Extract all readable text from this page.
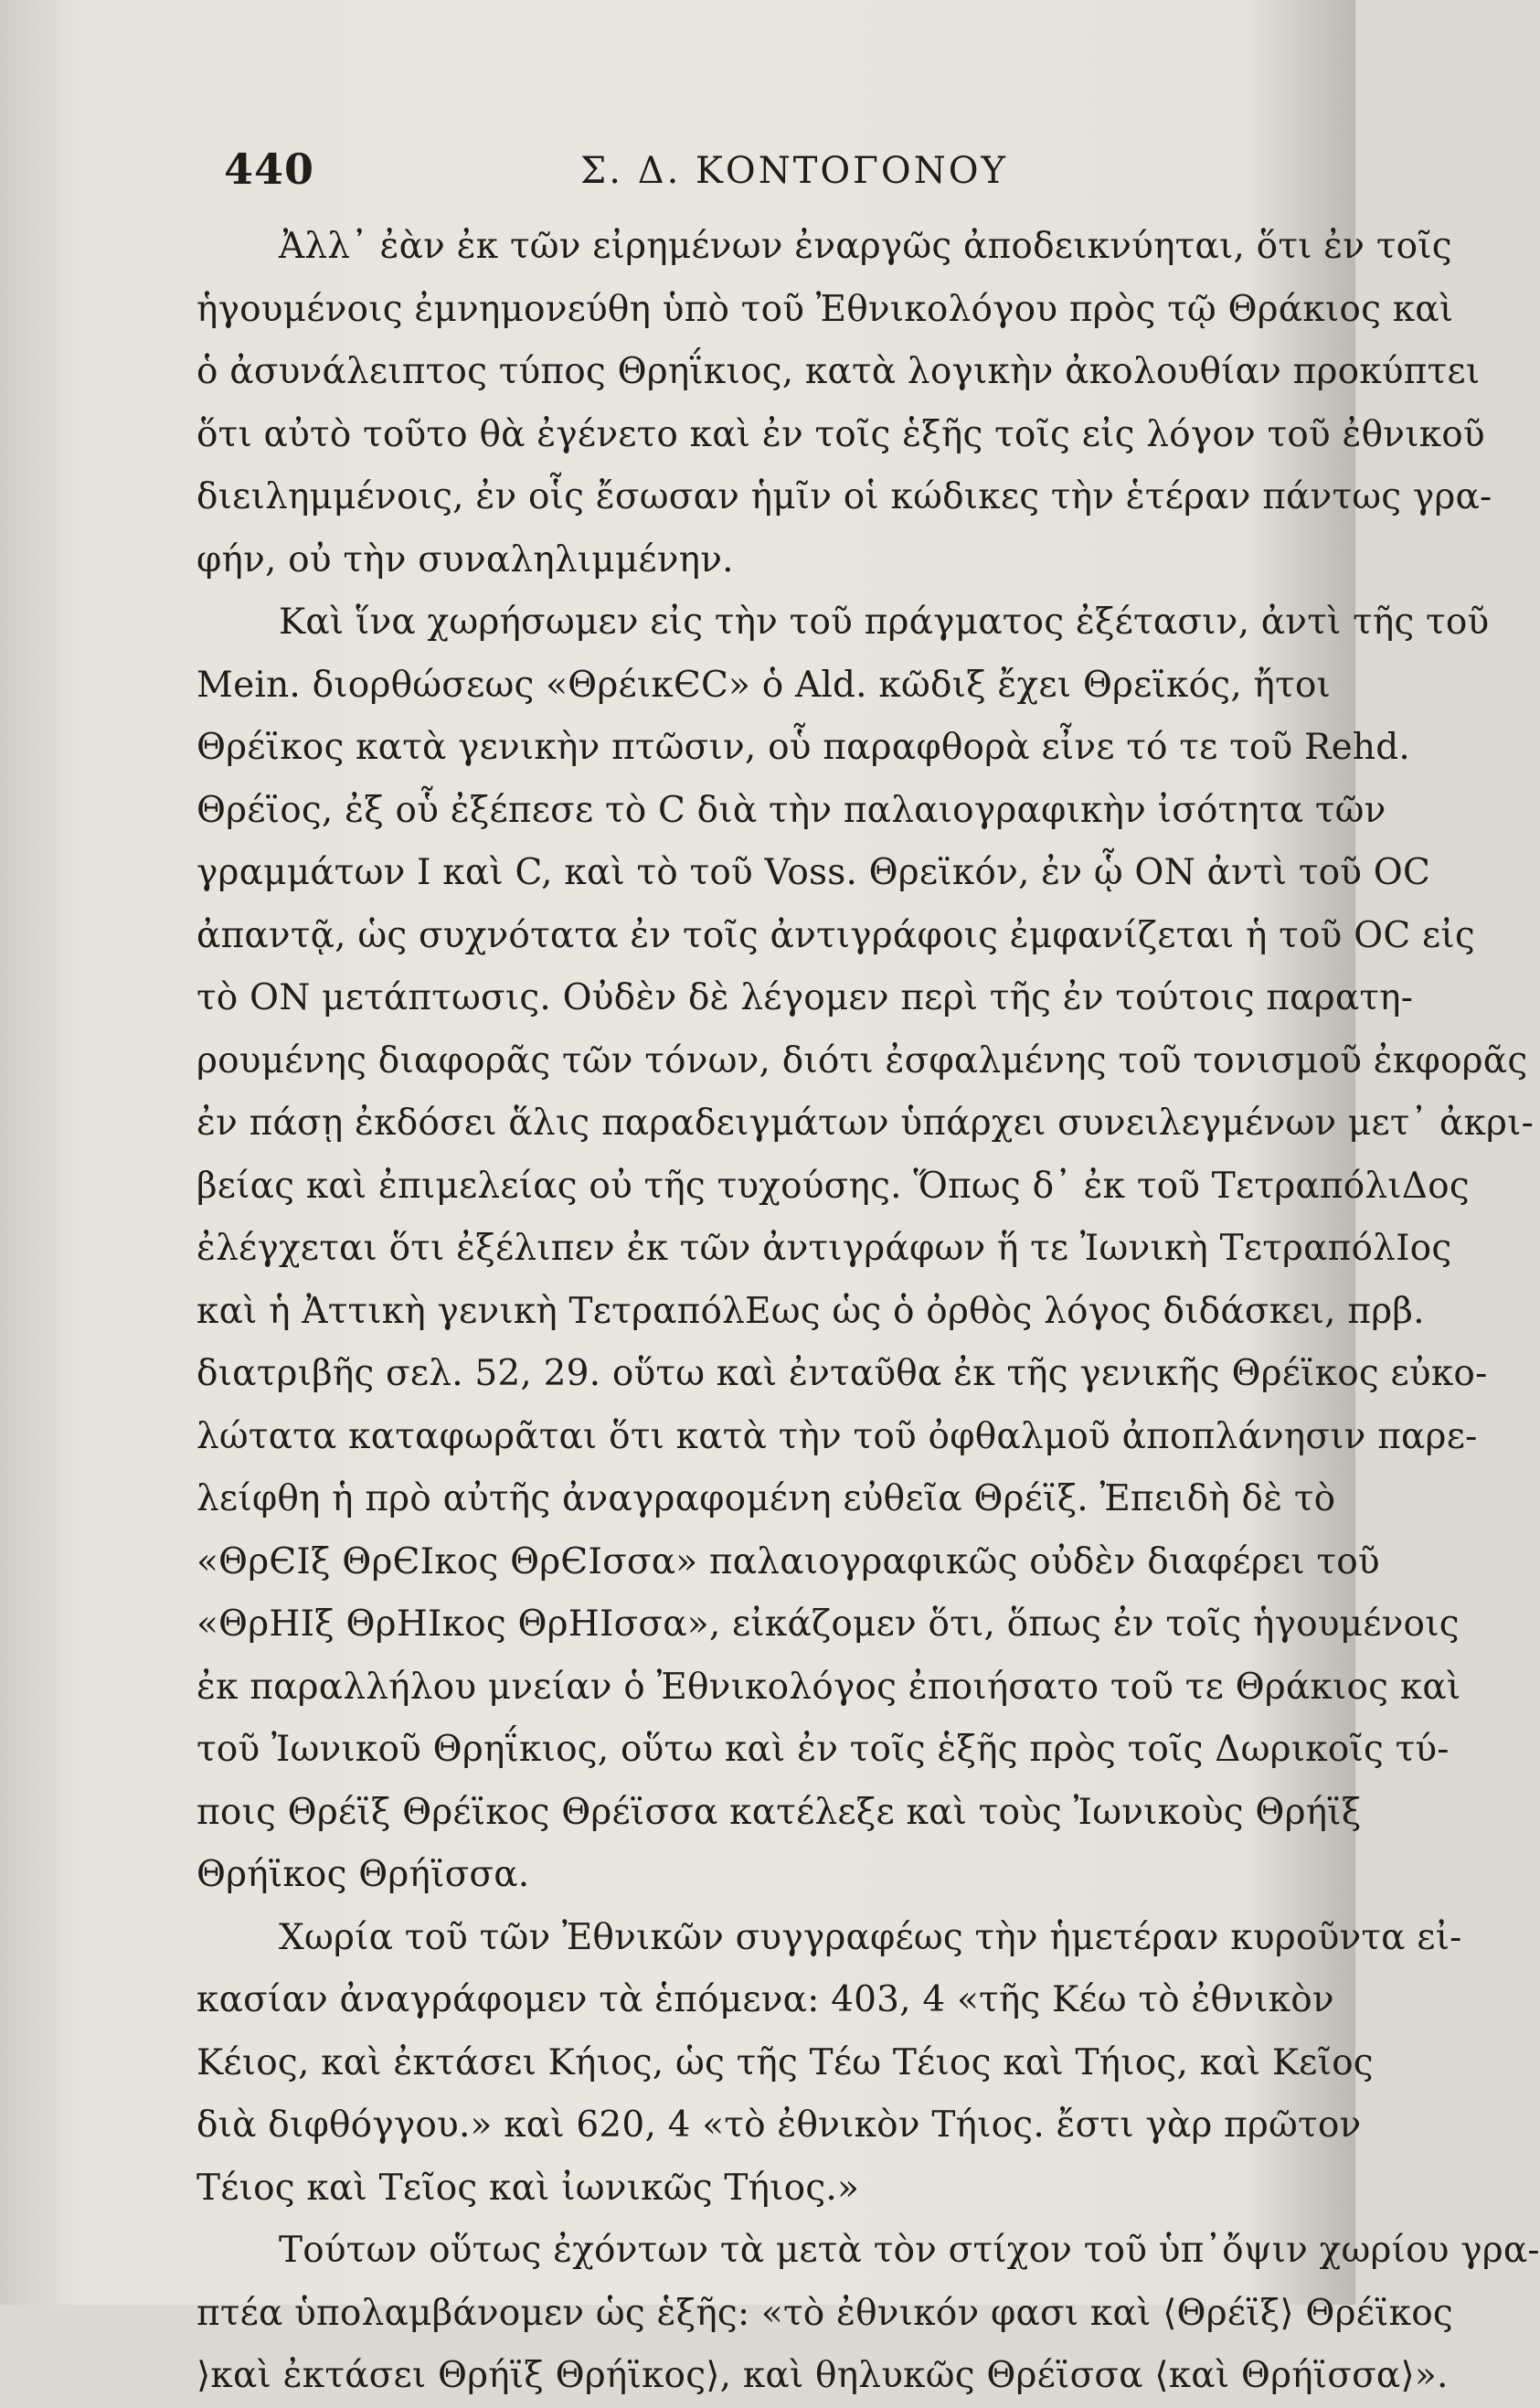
440	Σ. Δ. ΚΟΝΤΟΓΟΝΟΥ
Ἀλλ᾽ ἐὰν ἐκ τῶν εἰρημένων ἐναργῶς ἀποδεικνύηται, ὅτι ἐν τοῖς
ἡγουμένοις ἐμνημονεύθη ὑπὸ τοῦ Ἐθνικολόγου πρὸς τῷ Θράκιος καὶ
ὁ ἀσυνάλειπτος τύπος Θρηΐκιος, κατὰ λογικὴν ἀκολουθίαν προκύπτει
ὅτι αὐτὸ τοῦτο θὰ ἐγένετο καὶ ἐν τοῖς ἑξῆς τοῖς εἰς λόγον τοῦ ἐθνικοῦ
διειλημμένοις, ἐν οἷς ἔσωσαν ἡμῖν οἱ κώδικες τὴν ἑτέραν πάντως γρα-
φήν, οὐ τὴν συναληλιμμένην.
Καὶ ἵνα χωρήσωμεν εἰς τὴν τοῦ πράγματος ἐξέτασιν, ἀντὶ τῆς τοῦ
Mein. διορθώσεως «ΘρέικЄС» ὁ Ald. κῶδιξ ἔχει Θρεϊκός, ἤτοι
Θρέϊκος κατὰ γενικὴν πτῶσιν, οὗ παραφθορὰ εἶνε τό τε τοῦ Rehd.
Θρέϊος, ἐξ οὗ ἐξέπεσε τὸ C διὰ τὴν παλαιογραφικὴν ἰσότητα τῶν
γραμμάτων I καὶ C, καὶ τὸ τοῦ Voss. Θρεϊκόν, ἐν ᾧ ΟΝ ἀντὶ τοῦ ΟC
ἀπαντᾷ, ὡς συχνότατα ἐν τοῖς ἀντιγράφοις ἐμφανίζεται ἡ τοῦ ΟC εἰς
τὸ ΟΝ μετάπτωσις. Οὐδὲν δὲ λέγομεν περὶ τῆς ἐν τούτοις παρατη-
ρουμένης διαφορᾶς τῶν τόνων, διότι ἐσφαλμένης τοῦ τονισμοῦ ἐκφορᾶς
ἐν πάσῃ ἐκδόσει ἅλις παραδειγμάτων ὑπάρχει συνειλεγμένων μετ᾽ ἀκρι-
βείας καὶ ἐπιμελείας οὐ τῆς τυχούσης. Ὅπως δ᾽ ἐκ τοῦ ΤετραπόλιΔος
ἐλέγχεται ὅτι ἐξέλιπεν ἐκ τῶν ἀντιγράφων ἥ τε Ἰωνικὴ ΤετραπόλΙος
καὶ ἡ Ἀττικὴ γενικὴ ΤετραπόλΕως ὡς ὁ ὀρθὸς λόγος διδάσκει, πρβ.
διατριβῆς σελ. 52, 29. οὕτω καὶ ἐνταῦθα ἐκ τῆς γενικῆς Θρέϊκος εὐκο-
λώτατα καταφωρᾶται ὅτι κατὰ τὴν τοῦ ὀφθαλμοῦ ἀποπλάνησιν παρε-
λείφθη ἡ πρὸ αὐτῆς ἀναγραφομένη εὐθεῖα Θρέϊξ. Ἐπειδὴ δὲ τὸ
«ΘρЄΙξ ΘρЄΙκος ΘρЄΙσσα» παλαιογραφικῶς οὐδὲν διαφέρει τοῦ
«ΘρΗΙξ ΘρΗΙκος ΘρΗΙσσα», εἰκάζομεν ὅτι, ὅπως ἐν τοῖς ἡγουμένοις
ἐκ παραλλήλου μνείαν ὁ Ἐθνικολόγος ἐποιήσατο τοῦ τε Θράκιος καὶ
τοῦ Ἰωνικοῦ Θρηΐκιος, οὕτω καὶ ἐν τοῖς ἑξῆς πρὸς τοῖς Δωρικοῖς τύ-
ποις Θρέϊξ Θρέϊκος Θρέϊσσα κατέλεξε καὶ τοὺς Ἰωνικοὺς Θρήϊξ
Θρήϊκος Θρήϊσσα.
Χωρία τοῦ τῶν Ἐθνικῶν συγγραφέως τὴν ἡμετέραν κυροῦντα εἰ-
κασίαν ἀναγράφομεν τὰ ἑπόμενα: 403, 4 «τῆς Κέω τὸ ἐθνικὸν
Κέιος, καὶ ἐκτάσει Κήιος, ὡς τῆς Τέω Τέιος καὶ Τήιος, καὶ Κεῖος
διὰ διφθόγγου.» καὶ 620, 4 «τὸ ἐθνικὸν Τήιος. ἔστι γὰρ πρῶτον
Τέιος καὶ Τεῖος καὶ ἰωνικῶς Τήιος.»
Τούτων οὕτως ἐχόντων τὰ μετὰ τὸν στίχον τοῦ ὑπ᾽ὄψιν χωρίου γρα-
πτέα ὑπολαμβάνομεν ὡς ἑξῆς: «τὸ ἐθνικόν φασι καὶ ⟨Θρέϊξ⟩ Θρέϊκος
⟩καὶ ἐκτάσει Θρήϊξ Θρήϊκος⟩, καὶ θηλυκῶς Θρέϊσσα ⟨καὶ Θρήϊσσα⟩».
